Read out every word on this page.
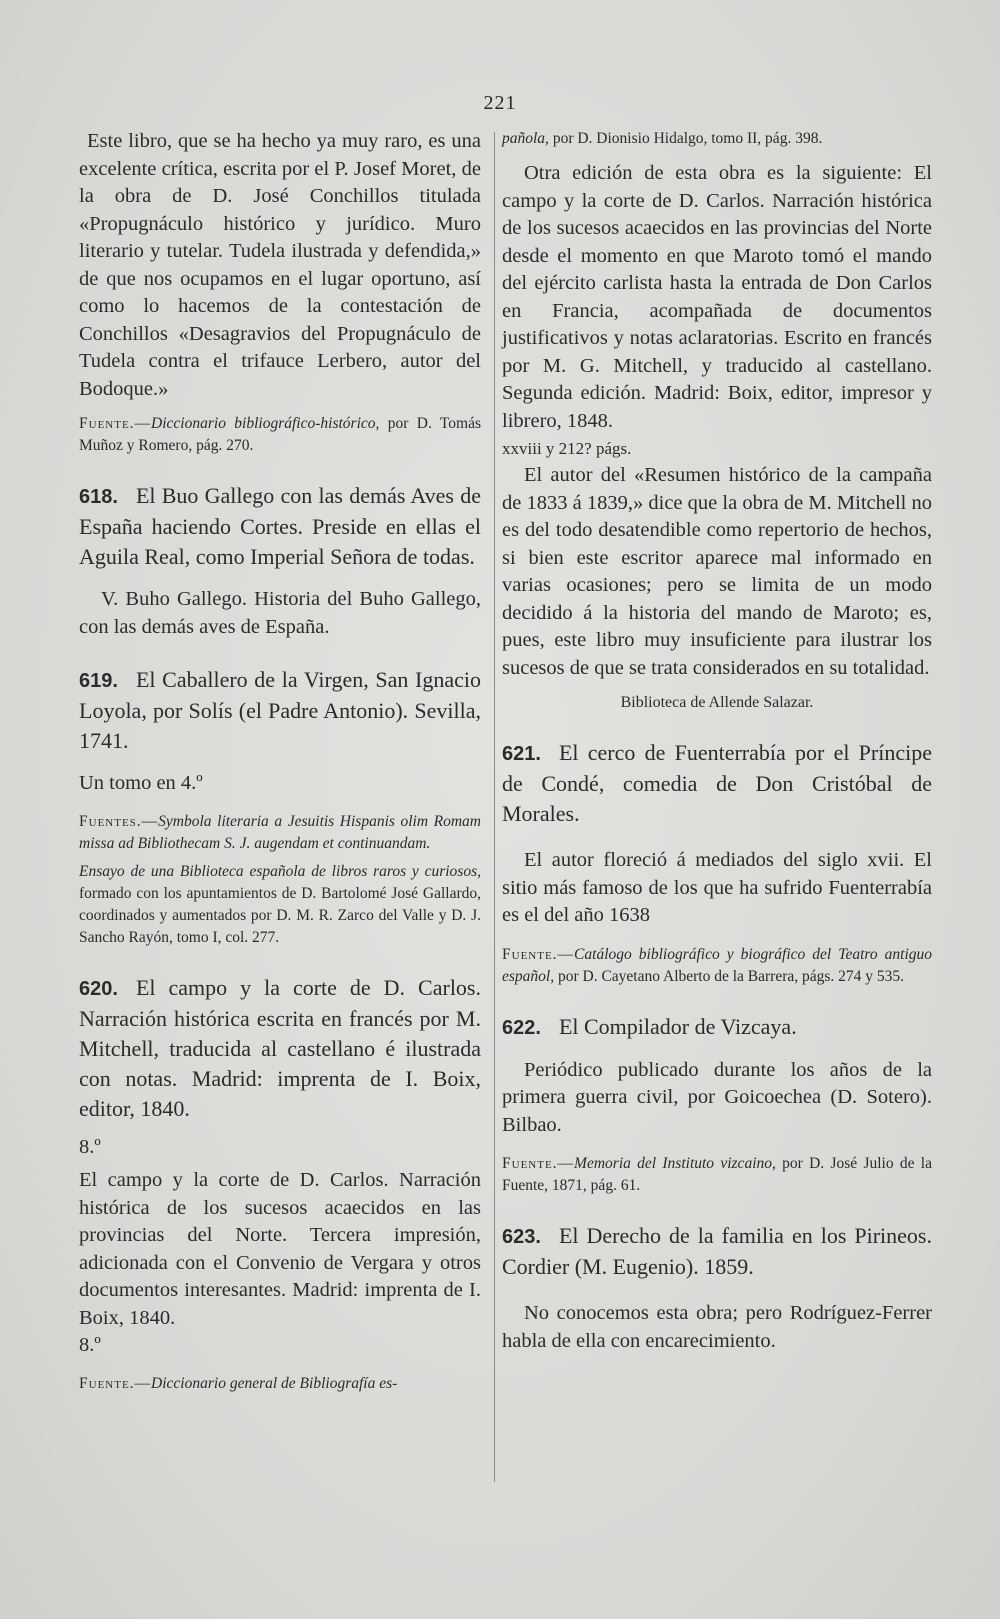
221

Este libro, que se ha hecho ya muy raro, es una excelente crítica, escrita por el P. Josef Moret, de la obra de D. José Conchillos titulada «Propugnáculo histórico y jurídico. Muro literario y tutelar. Tudela ilustrada y defendida,» de que nos ocupamos en el lugar oportuno, así como lo hacemos de la contestación de Conchillos «Desagravios del Propugnáculo de Tudela contra el trifauce Lerbero, autor del Bodoque.»

Fuente.—Diccionario bibliográfico-histórico, por D. Tomás Muñoz y Romero, pág. 270.

618. El Buo Gallego con las demás Aves de España haciendo Cortes. Preside en ellas el Aguila Real, como Imperial Señora de todas.

V. Buho Gallego. Historia del Buho Gallego, con las demás aves de España.

619. El Caballero de la Virgen, San Ignacio Loyola, por Solís (el Padre Antonio). Sevilla, 1741.

Un tomo en 4.º

Fuentes.—Symbola literaria a Jesuitis Hispanis olim Romam missa ad Bibliothecam S. J. augendam et continuandam.

Ensayo de una Biblioteca española de libros raros y curiosos, formado con los apuntamientos de D. Bartolomé José Gallardo, coordinados y aumentados por D. M. R. Zarco del Valle y D. J. Sancho Rayón, tomo I, col. 277.

620. El campo y la corte de D. Carlos. Narración histórica escrita en francés por M. Mitchell, traducida al castellano é ilustrada con notas. Madrid: imprenta de I. Boix, editor, 1840.

8.º

El campo y la corte de D. Carlos. Narración histórica de los sucesos acaecidos en las provincias del Norte. Tercera impresión, adicionada con el Convenio de Vergara y otros documentos interesantes. Madrid: imprenta de I. Boix, 1840.

8.º

Fuente.—Diccionario general de Bibliografía es-

pañola, por D. Dionisio Hidalgo, tomo II, pág. 398.

Otra edición de esta obra es la siguiente: El campo y la corte de D. Carlos. Narración histórica de los sucesos acaecidos en las provincias del Norte desde el momento en que Maroto tomó el mando del ejército carlista hasta la entrada de Don Carlos en Francia, acompañada de documentos justificativos y notas aclaratorias. Escrito en francés por M. G. Mitchell, y traducido al castellano. Segunda edición. Madrid: Boix, editor, impresor y librero, 1848.

xxviii y 212? págs.

El autor del «Resumen histórico de la campaña de 1833 á 1839,» dice que la obra de M. Mitchell no es del todo desatendible como repertorio de hechos, si bien este escritor aparece mal informado en varias ocasiones; pero se limita de un modo decidido á la historia del mando de Maroto; es, pues, este libro muy insuficiente para ilustrar los sucesos de que se trata considerados en su totalidad.

Biblioteca de Allende Salazar.

621. El cerco de Fuenterrabía por el Príncipe de Condé, comedia de Don Cristóbal de Morales.

El autor floreció á mediados del siglo xvii. El sitio más famoso de los que ha sufrido Fuenterrabía es el del año 1638

Fuente.—Catálogo bibliográfico y biográfico del Teatro antiguo español, por D. Cayetano Alberto de la Barrera, págs. 274 y 535.

622. El Compilador de Vizcaya.

Periódico publicado durante los años de la primera guerra civil, por Goicoechea (D. Sotero). Bilbao.

Fuente.—Memoria del Instituto vizcaino, por D. José Julio de la Fuente, 1871, pág. 61.

623. El Derecho de la familia en los Pirineos. Cordier (M. Eugenio). 1859.

No conocemos esta obra; pero Rodríguez-Ferrer habla de ella con encarecimiento.
